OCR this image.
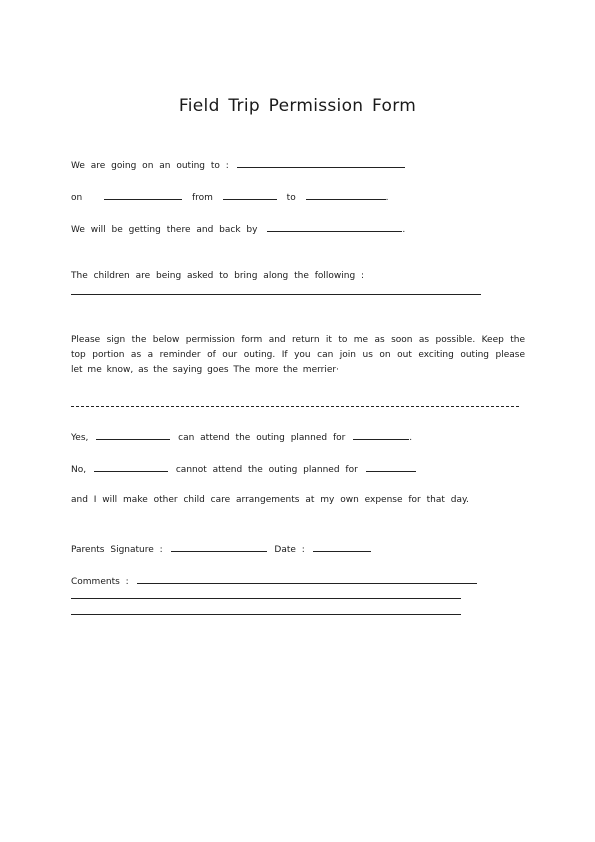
Field Trip Permission Form
We are going on an outing to :
on	from	to	.
We will be getting there and back by	.
The children are being asked to bring along the following :
Please sign the below permission form and return it to me as soon as possible. Keep the
top portion as a reminder of our outing. If you can join us on out exciting outing please
let me know, as the saying goes The more the merrier·
Yes,	can attend the outing planned for	.
No,	cannot attend the outing planned for
and I will make other child care arrangements at my own expense for that day.
Parents Signature :	Date :
Comments :
